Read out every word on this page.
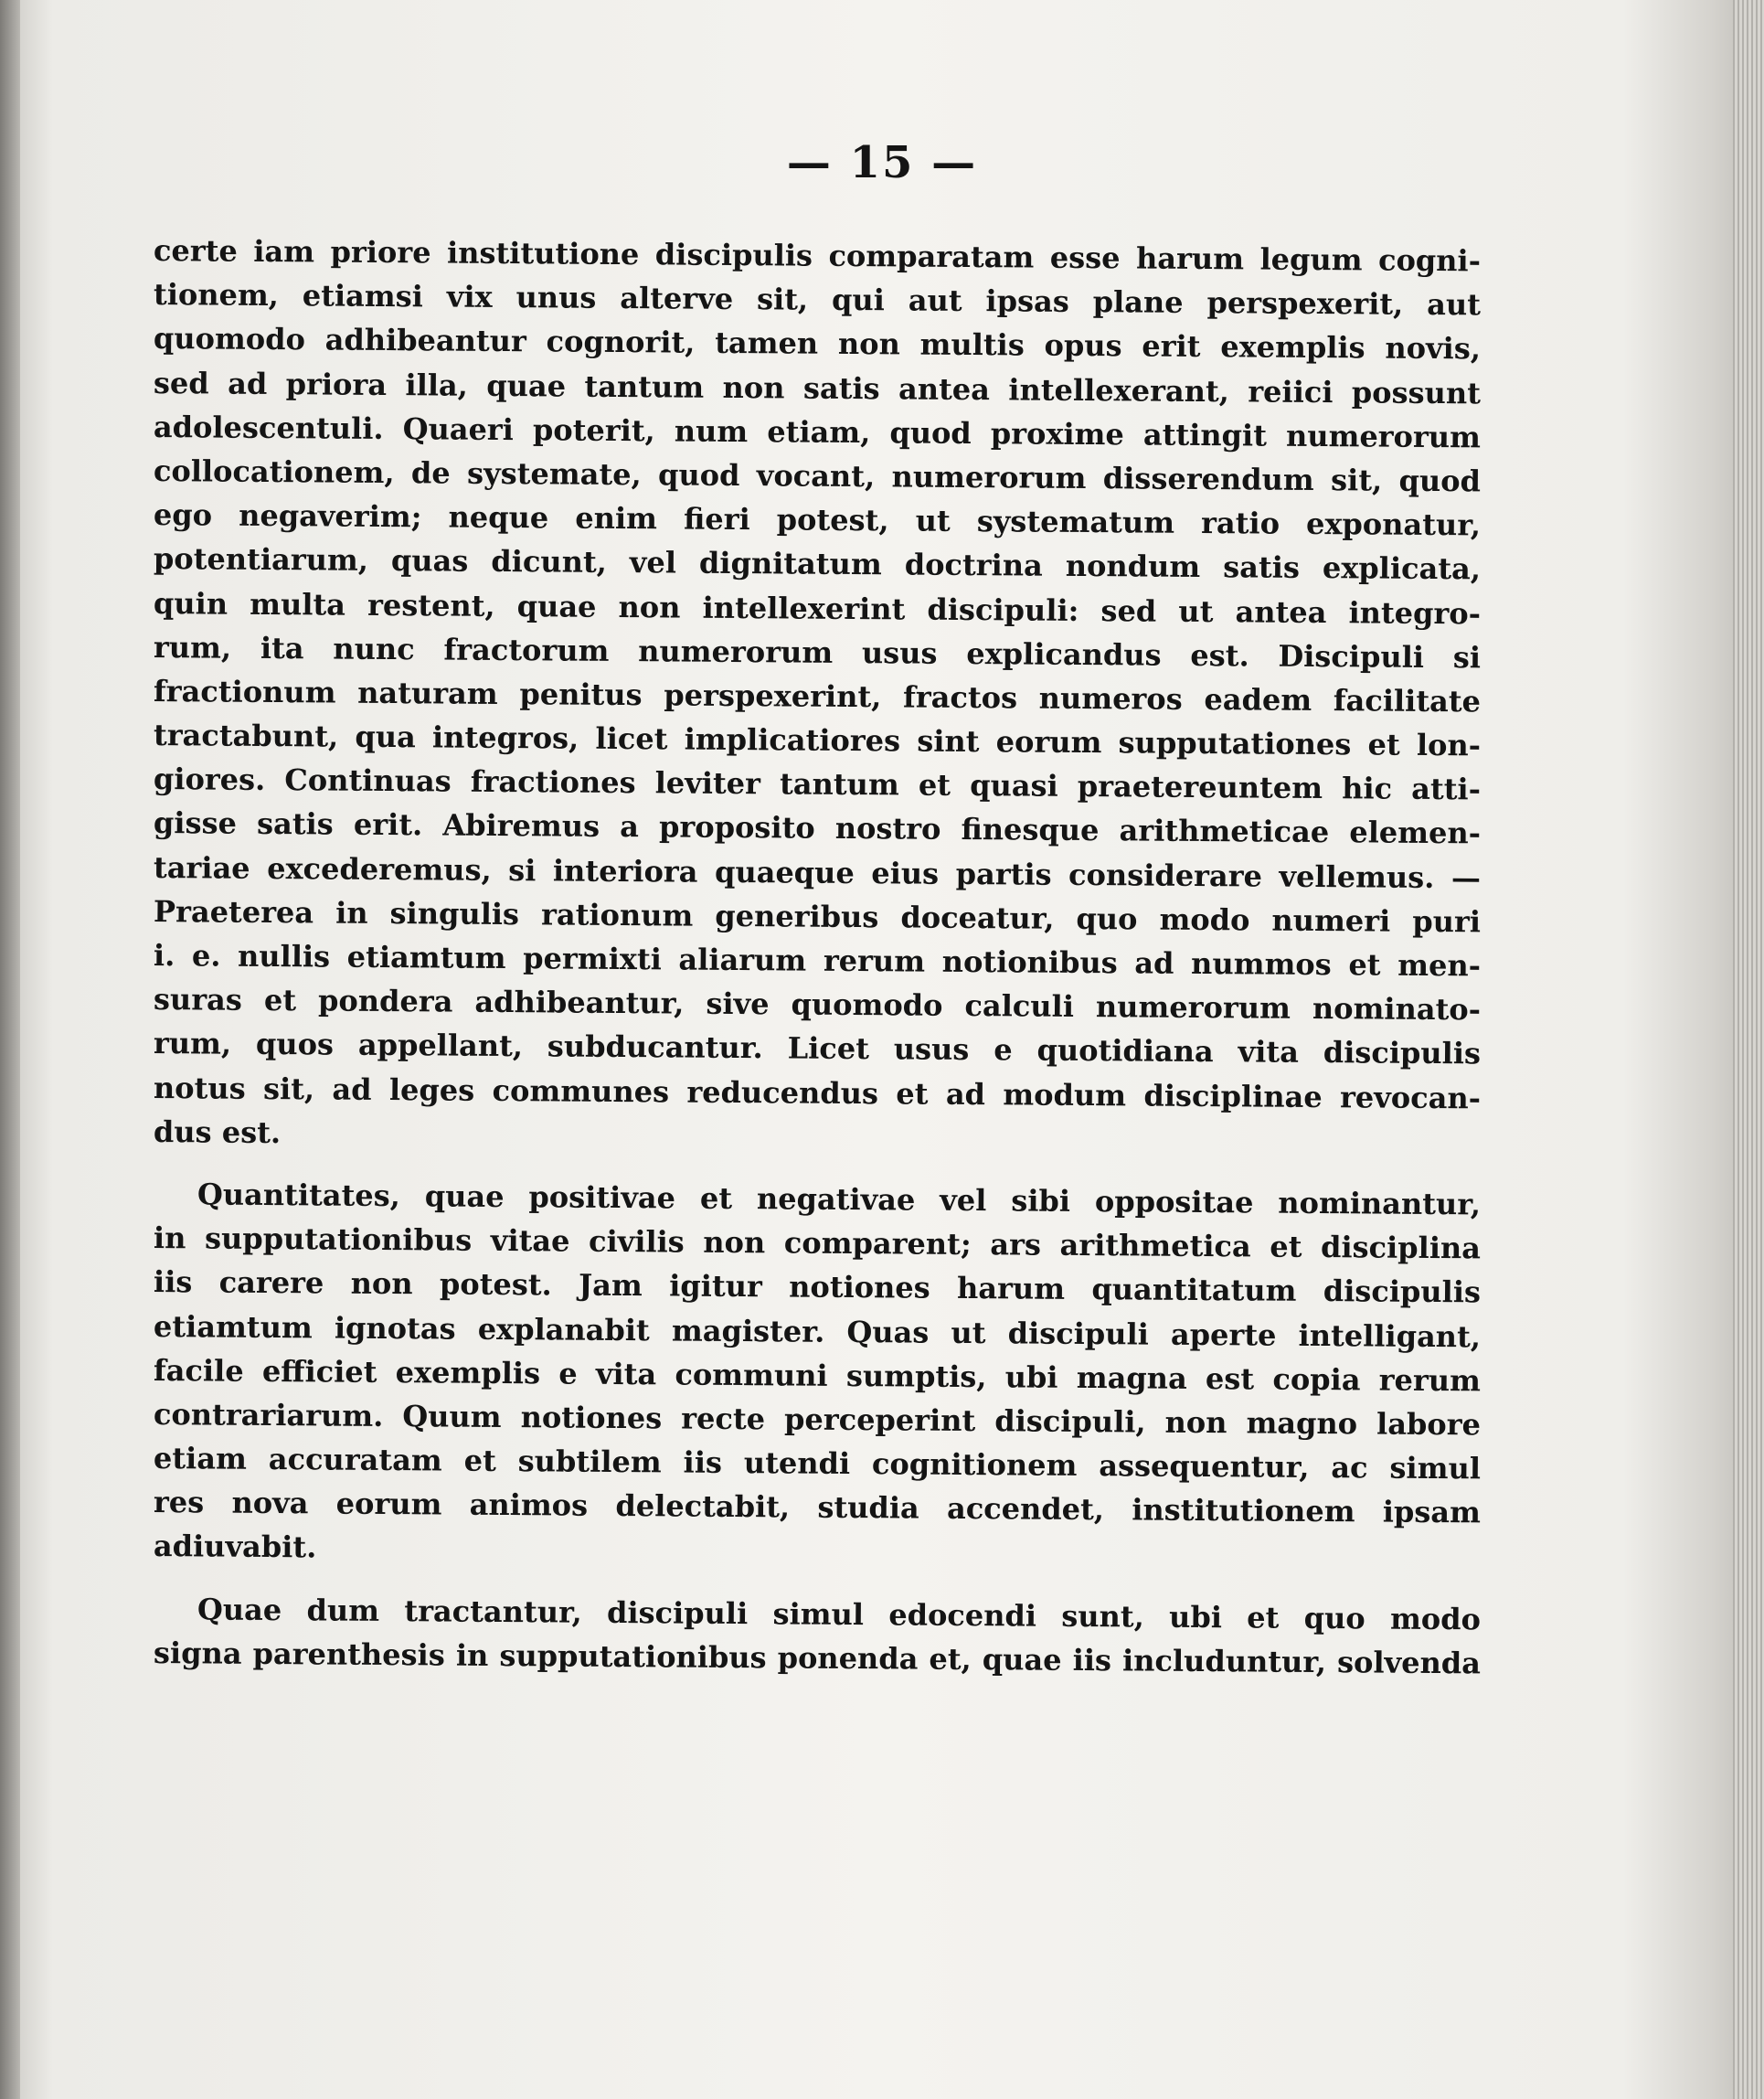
— 15 —
certe iam priore institutione discipulis comparatam esse harum legum cogni-
tionem, etiamsi vix unus alterve sit, qui aut ipsas plane perspexerit, aut
quomodo adhibeantur cognorit, tamen non multis opus erit exemplis novis,
sed ad priora illa, quae tantum non satis antea intellexerant, reiici possunt
adolescentuli. Quaeri poterit, num etiam, quod proxime attingit numerorum
collocationem, de systemate, quod vocant, numerorum disserendum sit, quod
ego negaverim; neque enim fieri potest, ut systematum ratio exponatur,
potentiarum, quas dicunt, vel dignitatum doctrina nondum satis explicata,
quin multa restent, quae non intellexerint discipuli: sed ut antea integro-
rum, ita nunc fractorum numerorum usus explicandus est. Discipuli si
fractionum naturam penitus perspexerint, fractos numeros eadem facilitate
tractabunt, qua integros, licet implicatiores sint eorum supputationes et lon-
giores. Continuas fractiones leviter tantum et quasi praetereuntem hic atti-
gisse satis erit. Abiremus a proposito nostro finesque arithmeticae elemen-
tariae excederemus, si interiora quaeque eius partis considerare vellemus. —
Praeterea in singulis rationum generibus doceatur, quo modo numeri puri
i. e. nullis etiamtum permixti aliarum rerum notionibus ad nummos et men-
suras et pondera adhibeantur, sive quomodo calculi numerorum nominato-
rum, quos appellant, subducantur. Licet usus e quotidiana vita discipulis
notus sit, ad leges communes reducendus et ad modum disciplinae revocan-
dus est.
Quantitates, quae positivae et negativae vel sibi oppositae nominantur,
in supputationibus vitae civilis non comparent; ars arithmetica et disciplina
iis carere non potest. Jam igitur notiones harum quantitatum discipulis
etiamtum ignotas explanabit magister. Quas ut discipuli aperte intelligant,
facile efficiet exemplis e vita communi sumptis, ubi magna est copia rerum
contrariarum. Quum notiones recte perceperint discipuli, non magno labore
etiam accuratam et subtilem iis utendi cognitionem assequentur, ac simul
res nova eorum animos delectabit, studia accendet, institutionem ipsam
adiuvabit.
Quae dum tractantur, discipuli simul edocendi sunt, ubi et quo modo
signa parenthesis in supputationibus ponenda et, quae iis includuntur, solvenda
